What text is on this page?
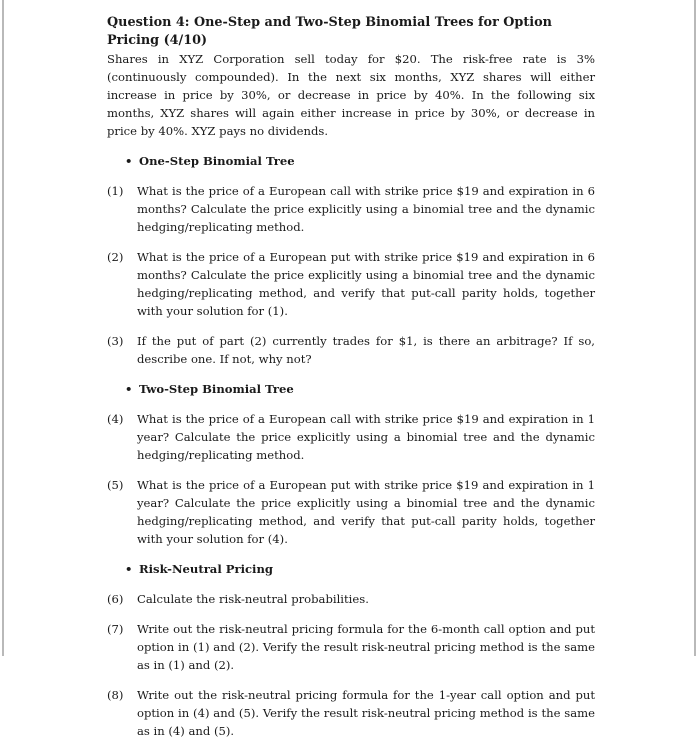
Question 4: One-Step and Two-Step Binomial Trees for Option Pricing (4/10)

Shares in XYZ Corporation sell today for $20. The risk-free rate is 3% (continuously compounded). In the next six months, XYZ shares will either increase in price by 30%, or decrease in price by 40%. In the following six months, XYZ shares will again either increase in price by 30%, or decrease in price by 40%. XYZ pays no dividends.

• One-Step Binomial Tree
(1)	What is the price of a European call with strike price $19 and expiration in 6 months? Calculate the price explicitly using a binomial tree and the dynamic hedging/replicating method.
(2)	What is the price of a European put with strike price $19 and expiration in 6 months? Calculate the price explicitly using a binomial tree and the dynamic hedging/replicating method, and verify that put-call parity holds, together with your solution for (1).
(3)	If the put of part (2) currently trades for $1, is there an arbitrage? If so, describe one. If not, why not?
• Two-Step Binomial Tree
(4)	What is the price of a European call with strike price $19 and expiration in 1 year? Calculate the price explicitly using a binomial tree and the dynamic hedging/replicating method.
(5)	What is the price of a European put with strike price $19 and expiration in 1 year? Calculate the price explicitly using a binomial tree and the dynamic hedging/replicating method, and verify that put-call parity holds, together with your solution for (4).
• Risk-Neutral Pricing
(6)	Calculate the risk-neutral probabilities.
(7)	Write out the risk-neutral pricing formula for the 6-month call option and put option in (1) and (2). Verify the result risk-neutral pricing method is the same as in (1) and (2).
(8)	Write out the risk-neutral pricing formula for the 1-year call option and put option in (4) and (5). Verify the result risk-neutral pricing method is the same as in (4) and (5).
